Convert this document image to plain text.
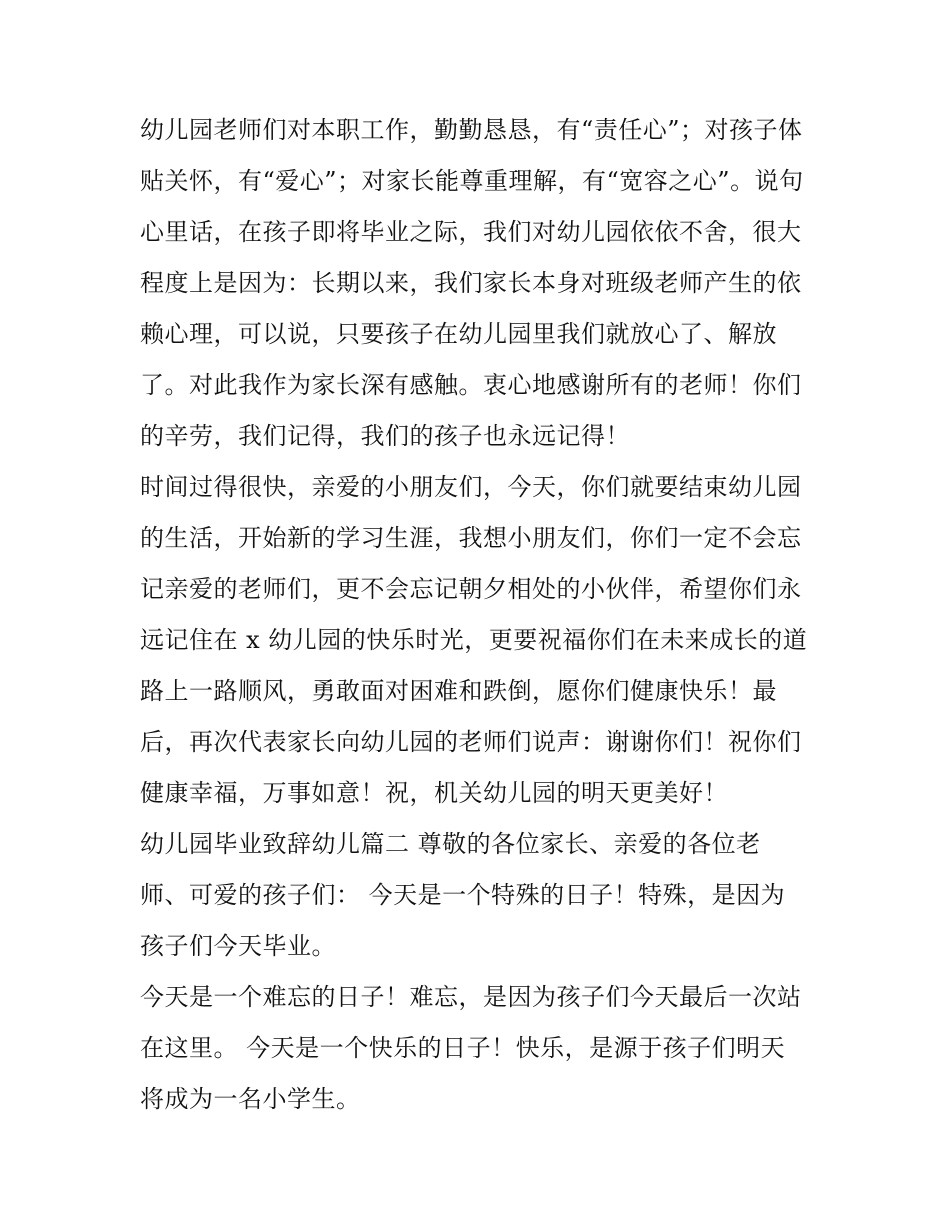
幼儿园老师们对本职工作，勤勤恳恳，有“责任心”；对孩子体
贴关怀，有“爱心”；对家长能尊重理解，有“宽容之心”。说句
心里话，在孩子即将毕业之际，我们对幼儿园依依不舍，很大
程度上是因为：长期以来，我们家长本身对班级老师产生的依
赖心理，可以说，只要孩子在幼儿园里我们就放心了、解放
了。对此我作为家长深有感触。衷心地感谢所有的老师！你们
的辛劳，我们记得，我们的孩子也永远记得！
时间过得很快，亲爱的小朋友们，今天，你们就要结束幼儿园
的生活，开始新的学习生涯，我想小朋友们，你们一定不会忘
记亲爱的老师们，更不会忘记朝夕相处的小伙伴，希望你们永
远记住在 x 幼儿园的快乐时光，更要祝福你们在未来成长的道
路上一路顺风，勇敢面对困难和跌倒，愿你们健康快乐！最
后，再次代表家长向幼儿园的老师们说声：谢谢你们！祝你们
健康幸福，万事如意！祝，机关幼儿园的明天更美好！
幼儿园毕业致辞幼儿篇二 尊敬的各位家长、亲爱的各位老
师、可爱的孩子们： 今天是一个特殊的日子！特殊，是因为
孩子们今天毕业。
今天是一个难忘的日子！难忘，是因为孩子们今天最后一次站
在这里。 今天是一个快乐的日子！快乐，是源于孩子们明天
将成为一名小学生。
